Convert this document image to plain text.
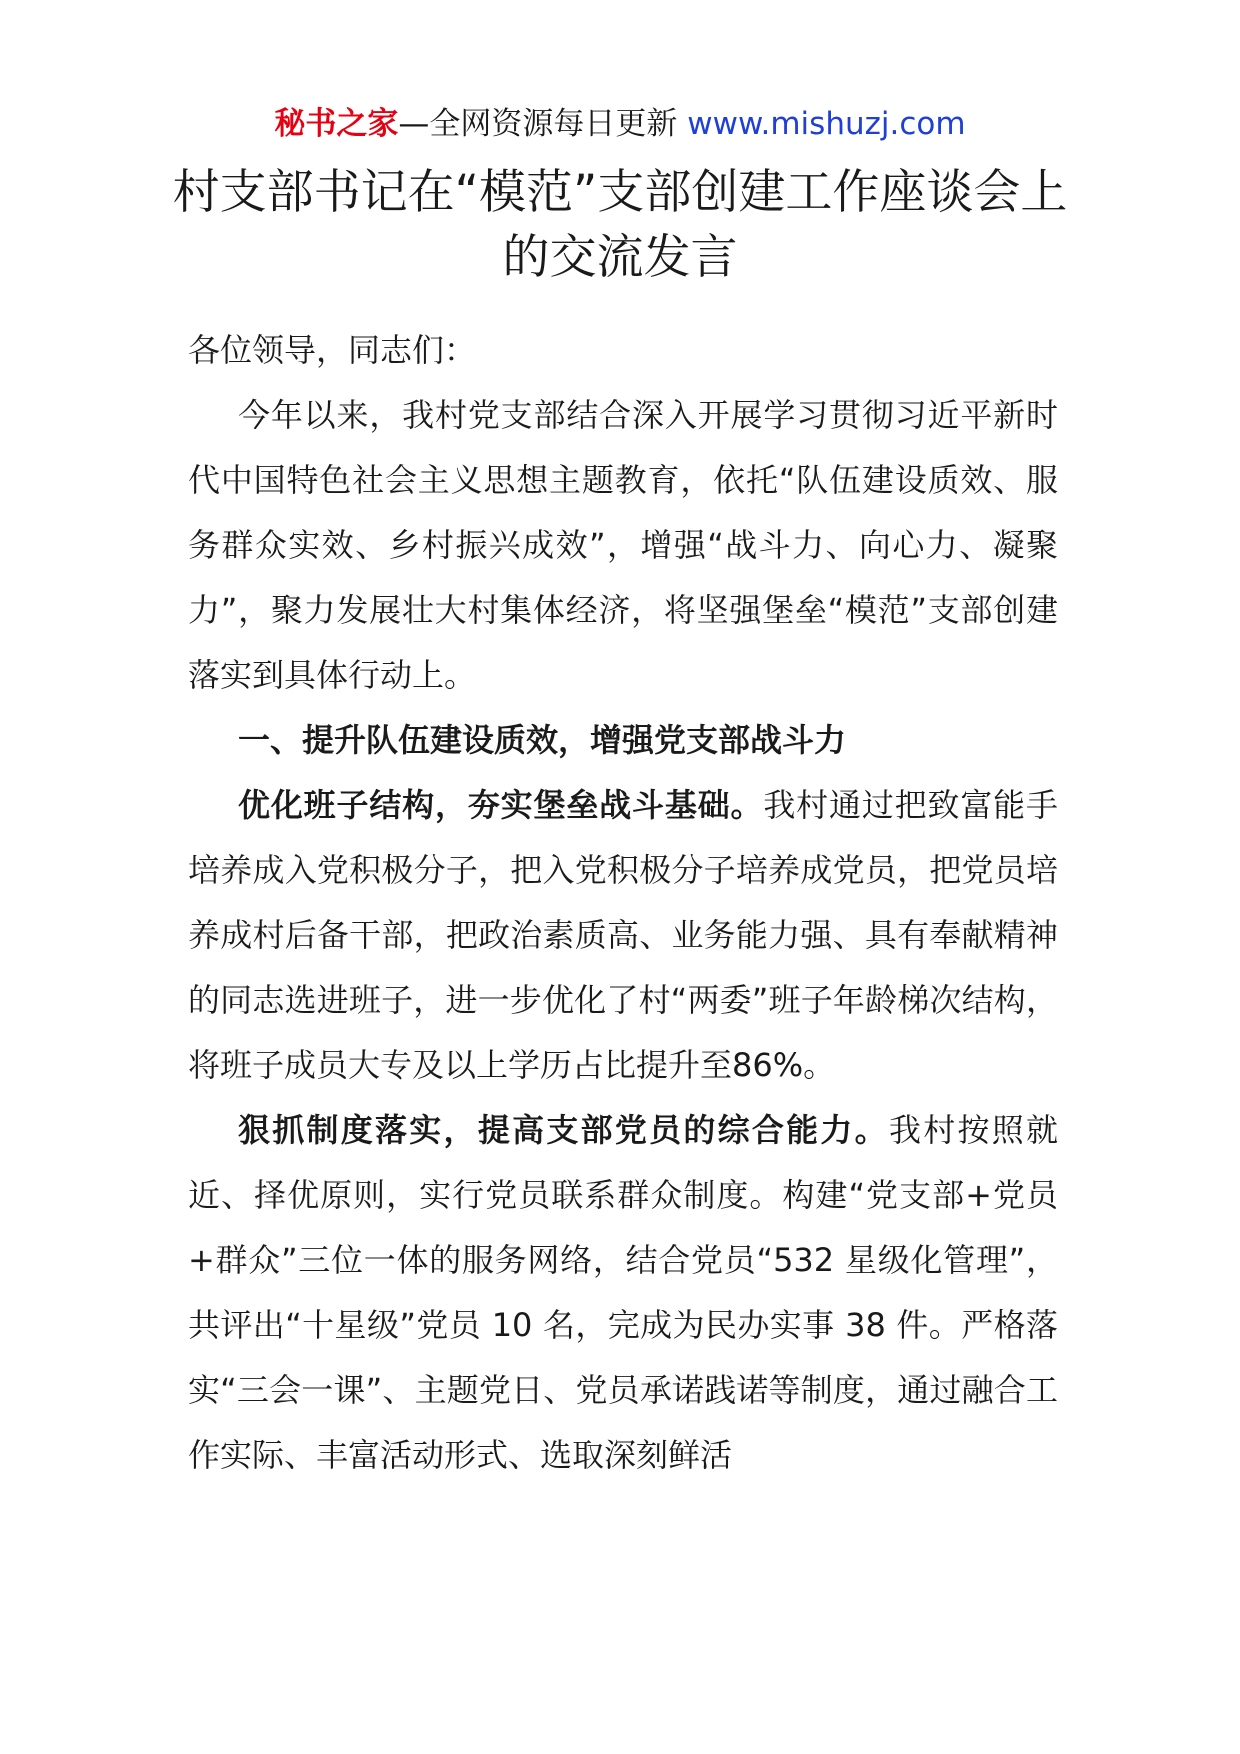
秘书之家—全网资源每日更新 www.mishuzj.com
村支部书记在“模范”支部创建工作座谈会上的交流发言

各位领导，同志们：

今年以来，我村党支部结合深入开展学习贯彻习近平新时代中国特色社会主义思想主题教育，依托“队伍建设质效、服务群众实效、乡村振兴成效”，增强“战斗力、向心力、凝聚力”，聚力发展壮大村集体经济，将坚强堡垒“模范”支部创建落实到具体行动上。

一、提升队伍建设质效，增强党支部战斗力

优化班子结构，夯实堡垒战斗基础。我村通过把致富能手培养成入党积极分子，把入党积极分子培养成党员，把党员培养成村后备干部，把政治素质高、业务能力强、具有奉献精神的同志选进班子，进一步优化了村“两委”班子年龄梯次结构，将班子成员大专及以上学历占比提升至86%。

狠抓制度落实，提高支部党员的综合能力。我村按照就近、择优原则，实行党员联系群众制度。构建“党支部+党员+群众”三位一体的服务网络，结合党员“532 星级化管理”，共评出“十星级”党员 10 名，完成为民办实事 38 件。严格落实“三会一课”、主题党日、党员承诺践诺等制度，通过融合工作实际、丰富活动形式、选取深刻鲜活
